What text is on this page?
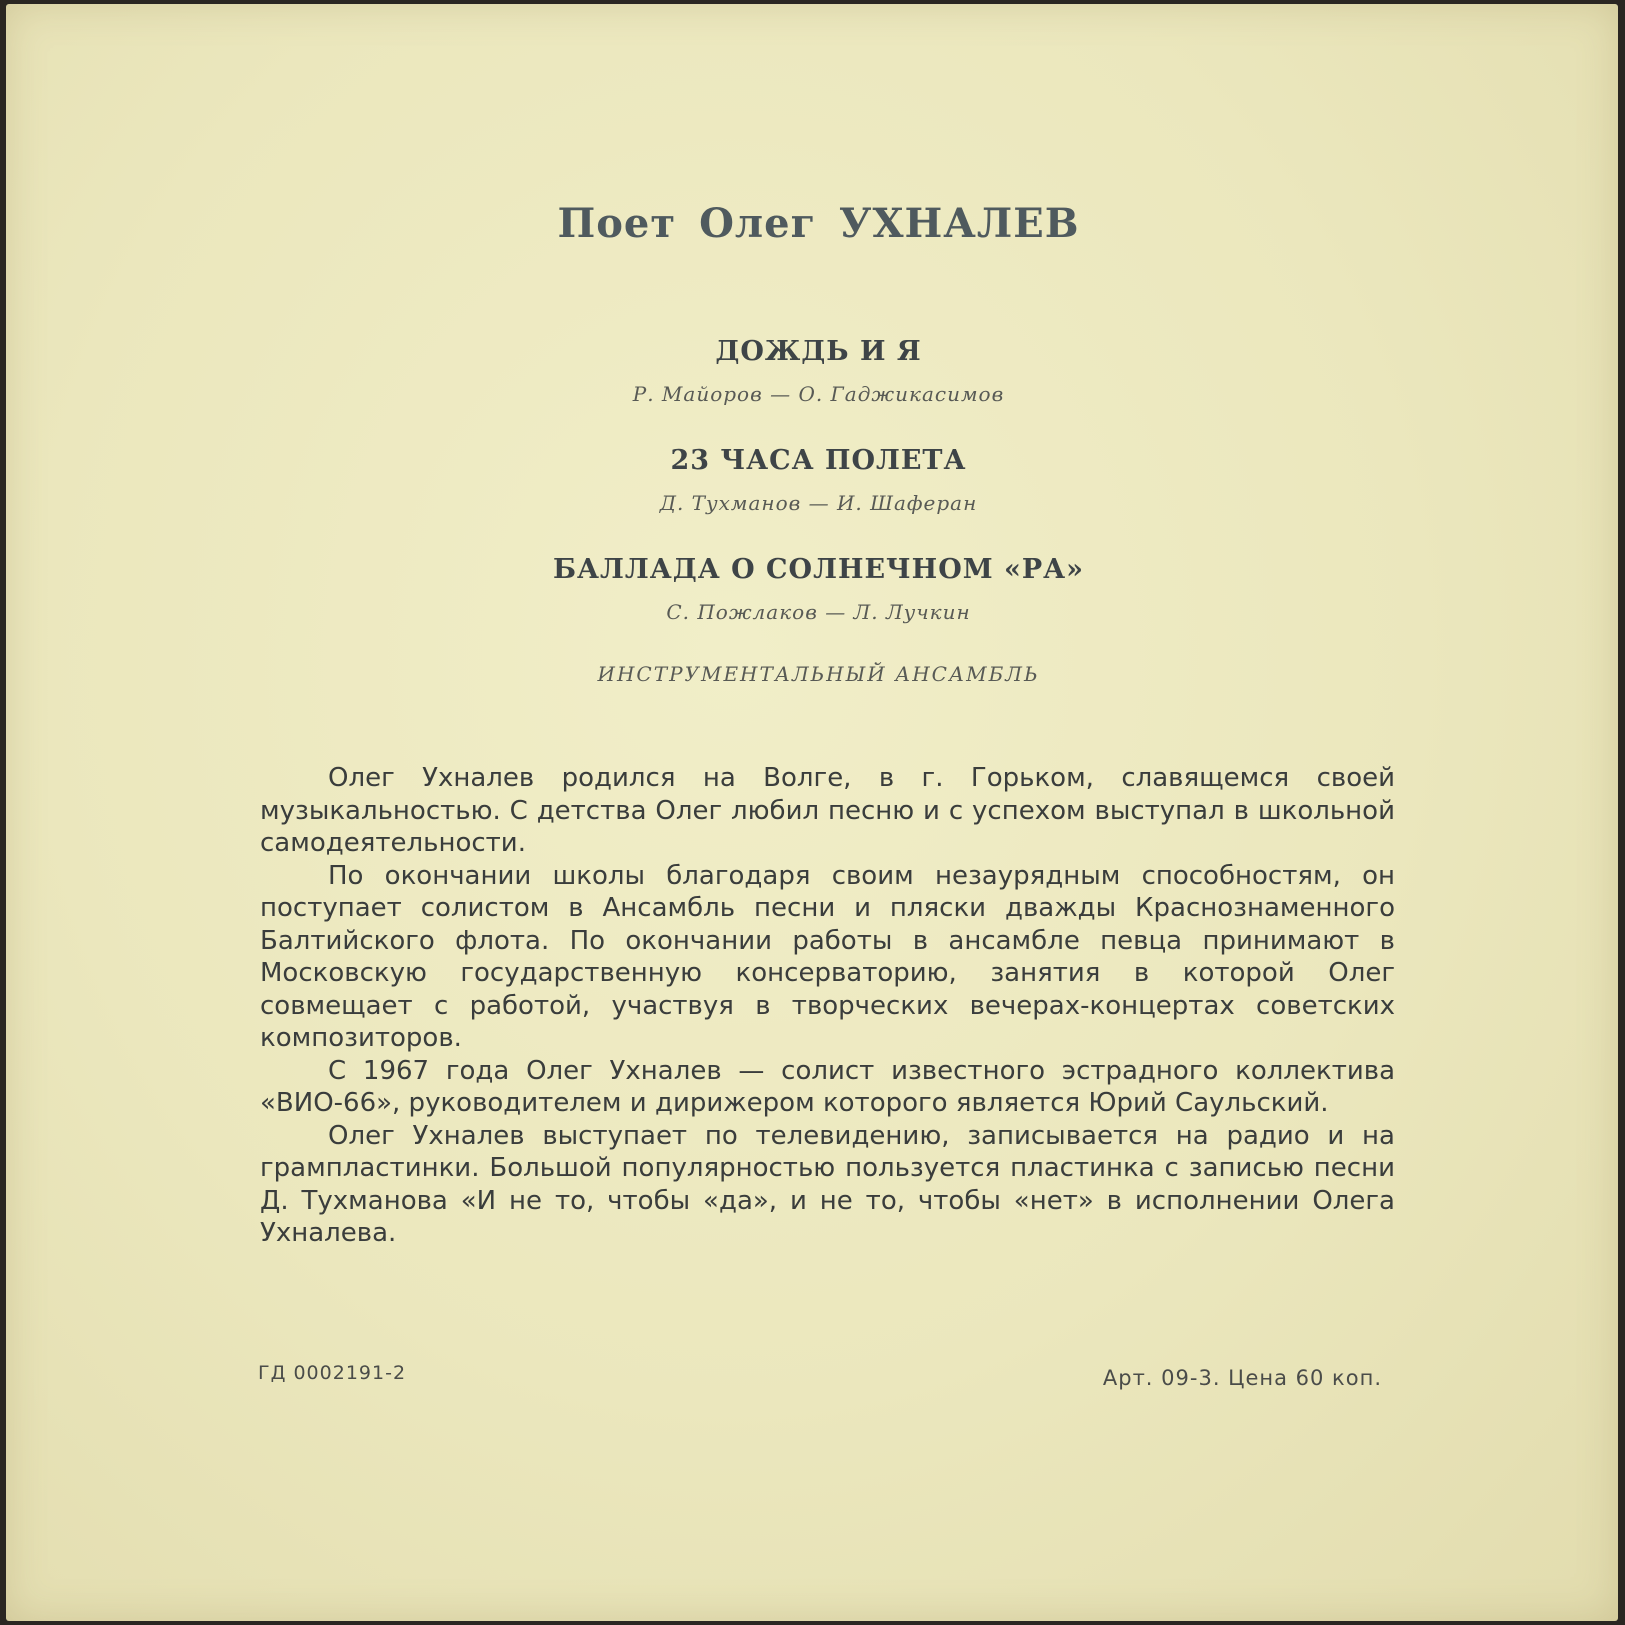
Поет Олег УХНАЛЕВ
ДОЖДЬ И Я
Р. Майоров — О. Гаджикасимов
23 ЧАСА ПОЛЕТА
Д. Тухманов — И. Шаферан
БАЛЛАДА О СОЛНЕЧНОМ «РА»
С. Пожлаков — Л. Лучкин
ИНСТРУМЕНТАЛЬНЫЙ АНСАМБЛЬ

Олег Ухналев родился на Волге, в г. Горьком, славящемся своей музыкальностью. С детства Олег любил песню и с успехом выступал в школьной самодеятельности.

По окончании школы благодаря своим незаурядным способностям, он поступает солистом в Ансамбль песни и пляски дважды Краснознаменного Балтийского флота. По окончании работы в ансамбле певца принимают в Московскую государственную консерваторию, занятия в которой Олег совмещает с работой, участвуя в творческих вечерах-концертах советских композиторов.

С 1967 года Олег Ухналев — солист известного эстрадного коллектива «ВИО-66», руководителем и дирижером которого является Юрий Саульский.

Олег Ухналев выступает по телевидению, записывается на радио и на грампластинки. Большой популярностью пользуется пластинка с записью песни Д. Тухманова «И не то, чтобы «да», и не то, чтобы «нет» в исполнении Олега Ухналева.

ГД 0002191-2	Арт. 09-3. Цена 60 коп.
